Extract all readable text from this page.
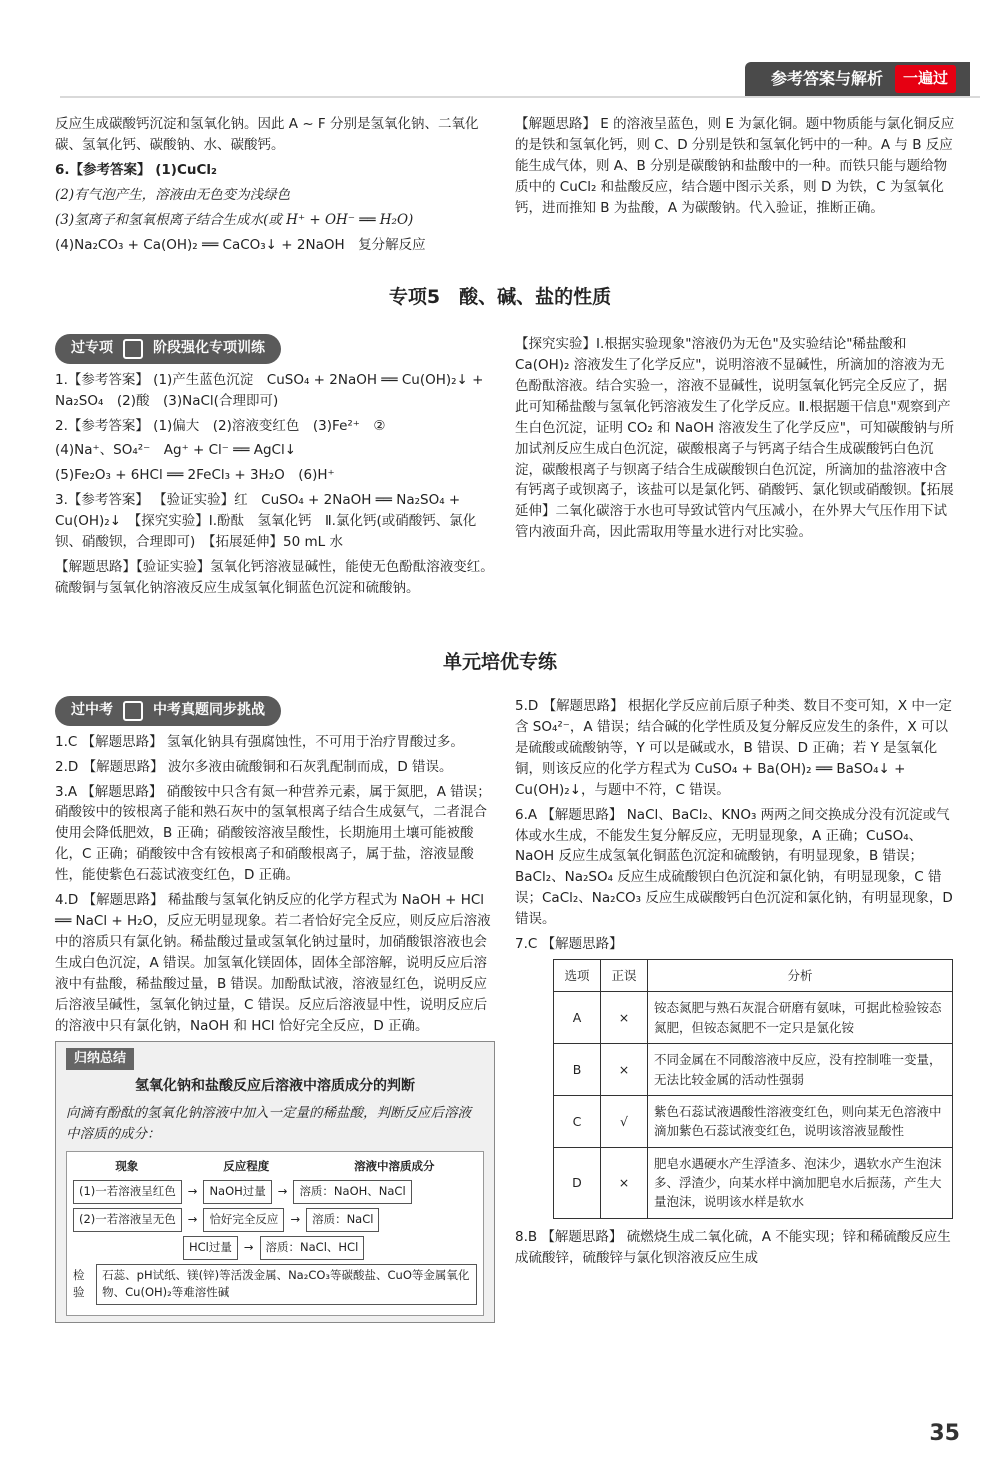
参考答案与解析	一遍过

反应生成碳酸钙沉淀和氢氧化钠。因此 A ~ F 分别是氢氧化钠、二氧化碳、氢氧化钙、碳酸钠、水、碳酸钙。

6.【参考答案】 (1)CuCl₂

(2)有气泡产生，溶液由无色变为浅绿色

(3)氢离子和氢氧根离子结合生成水(或 H⁺ + OH⁻ ══ H₂O)

(4)Na₂CO₃ + Ca(OH)₂ ══ CaCO₃↓ + 2NaOH　复分解反应

【解题思路】 E 的溶液呈蓝色，则 E 为氯化铜。题中物质能与氯化铜反应的是铁和氢氧化钙，则 C、D 分别是铁和氢氧化钙中的一种。A 与 B 反应能生成气体，则 A、B 分别是碳酸钠和盐酸中的一种。而铁只能与题给物质中的 CuCl₂ 和盐酸反应，结合题中图示关系，则 D 为铁，C 为氢氧化钙，进而推知 B 为盐酸，A 为碳酸钠。代入验证，推断正确。

专项5　酸、碱、盐的性质
过专项	阶段强化专项训练

1.【参考答案】 (1)产生蓝色沉淀　CuSO₄ + 2NaOH ══ Cu(OH)₂↓ + Na₂SO₄　(2)酸　(3)NaCl(合理即可)

2.【参考答案】 (1)偏大　(2)溶液变红色　(3)Fe²⁺　②

(4)Na⁺、SO₄²⁻　Ag⁺ + Cl⁻ ══ AgCl↓

(5)Fe₂O₃ + 6HCl ══ 2FeCl₃ + 3H₂O　(6)H⁺

3.【参考答案】 【验证实验】红　CuSO₄ + 2NaOH ══ Na₂SO₄ + Cu(OH)₂↓　【探究实验】Ⅰ.酚酞　氢氧化钙　Ⅱ.氯化钙(或硝酸钙、氯化钡、硝酸钡，合理即可)　【拓展延伸】50 mL 水

【解题思路】【验证实验】氢氧化钙溶液显碱性，能使无色酚酞溶液变红。硫酸铜与氢氧化钠溶液反应生成氢氧化铜蓝色沉淀和硫酸钠。

【探究实验】Ⅰ.根据实验现象"溶液仍为无色"及实验结论"稀盐酸和 Ca(OH)₂ 溶液发生了化学反应"，说明溶液不显碱性，所滴加的溶液为无色酚酞溶液。结合实验一，溶液不显碱性，说明氢氧化钙完全反应了，据此可知稀盐酸与氢氧化钙溶液发生了化学反应。Ⅱ.根据题干信息"观察到产生白色沉淀，证明 CO₂ 和 NaOH 溶液发生了化学反应"，可知碳酸钠与所加试剂反应生成白色沉淀，碳酸根离子与钙离子结合生成碳酸钙白色沉淀，碳酸根离子与钡离子结合生成碳酸钡白色沉淀，所滴加的盐溶液中含有钙离子或钡离子，该盐可以是氯化钙、硝酸钙、氯化钡或硝酸钡。【拓展延伸】二氧化碳溶于水也可导致试管内气压减小，在外界大气压作用下试管内液面升高，因此需取用等量水进行对比实验。

单元培优专练
过中考	中考真题同步挑战

1.C 【解题思路】 氢氧化钠具有强腐蚀性，不可用于治疗胃酸过多。

2.D 【解题思路】 波尔多液由硫酸铜和石灰乳配制而成，D 错误。

3.A 【解题思路】 硝酸铵中只含有氮一种营养元素，属于氮肥，A 错误；硝酸铵中的铵根离子能和熟石灰中的氢氧根离子结合生成氨气，二者混合使用会降低肥效，B 正确；硝酸铵溶液呈酸性，长期施用土壤可能被酸化，C 正确；硝酸铵中含有铵根离子和硝酸根离子，属于盐，溶液显酸性，能使紫色石蕊试液变红色，D 正确。

4.D 【解题思路】 稀盐酸与氢氧化钠反应的化学方程式为 NaOH + HCl ══ NaCl + H₂O，反应无明显现象。若二者恰好完全反应，则反应后溶液中的溶质只有氯化钠。稀盐酸过量或氢氧化钠过量时，加硝酸银溶液也会生成白色沉淀，A 错误。加氢氧化镁固体，固体全部溶解，说明反应后溶液中有盐酸，稀盐酸过量，B 错误。加酚酞试液，溶液显红色，说明反应后溶液呈碱性，氢氧化钠过量，C 错误。反应后溶液显中性，说明反应后的溶液中只有氯化钠，NaOH 和 HCl 恰好完全反应，D 正确。

归纳总结
氢氧化钠和盐酸反应后溶液中溶质成分的判断
向滴有酚酞的氢氧化钠溶液中加入一定量的稀盐酸，判断反应后溶液中溶质的成分：
现象	反应程度	溶液中溶质成分
(1)一若溶液呈红色	→	NaOH过量	→	溶质：NaOH、NaCl
(2)一若溶液呈无色	→	恰好完全反应	→	溶质：NaCl
HCl过量	→	溶质：NaCl、HCl
检验
石蕊、pH试纸、镁(锌)等活泼金属、Na₂CO₃等碳酸盐、CuO等金属氧化物、Cu(OH)₂等难溶性碱

5.D 【解题思路】 根据化学反应前后原子种类、数目不变可知，X 中一定含 SO₄²⁻，A 错误；结合碱的化学性质及复分解反应发生的条件，X 可以是硫酸或硫酸钠等，Y 可以是碱或水，B 错误、D 正确；若 Y 是氢氧化铜，则该反应的化学方程式为 CuSO₄ + Ba(OH)₂ ══ BaSO₄↓ + Cu(OH)₂↓，与题中不符，C 错误。

6.A 【解题思路】 NaCl、BaCl₂、KNO₃ 两两之间交换成分没有沉淀或气体或水生成，不能发生复分解反应，无明显现象，A 正确；CuSO₄、NaOH 反应生成氢氧化铜蓝色沉淀和硫酸钠，有明显现象，B 错误；BaCl₂、Na₂SO₄ 反应生成硫酸钡白色沉淀和氯化钠，有明显现象，C 错误；CaCl₂、Na₂CO₃ 反应生成碳酸钙白色沉淀和氯化钠，有明显现象，D 错误。

7.C 【解题思路】

选项	正误	分析
A	×	铵态氮肥与熟石灰混合研磨有氨味，可据此检验铵态氮肥，但铵态氮肥不一定只是氯化铵
B	×	不同金属在不同酸溶液中反应，没有控制唯一变量，无法比较金属的活动性强弱
C	√	紫色石蕊试液遇酸性溶液变红色，则向某无色溶液中滴加紫色石蕊试液变红色，说明该溶液显酸性
D	×	肥皂水遇硬水产生浮渣多、泡沫少，遇软水产生泡沫多、浮渣少，向某水样中滴加肥皂水后振荡，产生大量泡沫，说明该水样是软水

8.B 【解题思路】 硫燃烧生成二氧化硫，A 不能实现；锌和稀硫酸反应生成硫酸锌，硫酸锌与氯化钡溶液反应生成

35
